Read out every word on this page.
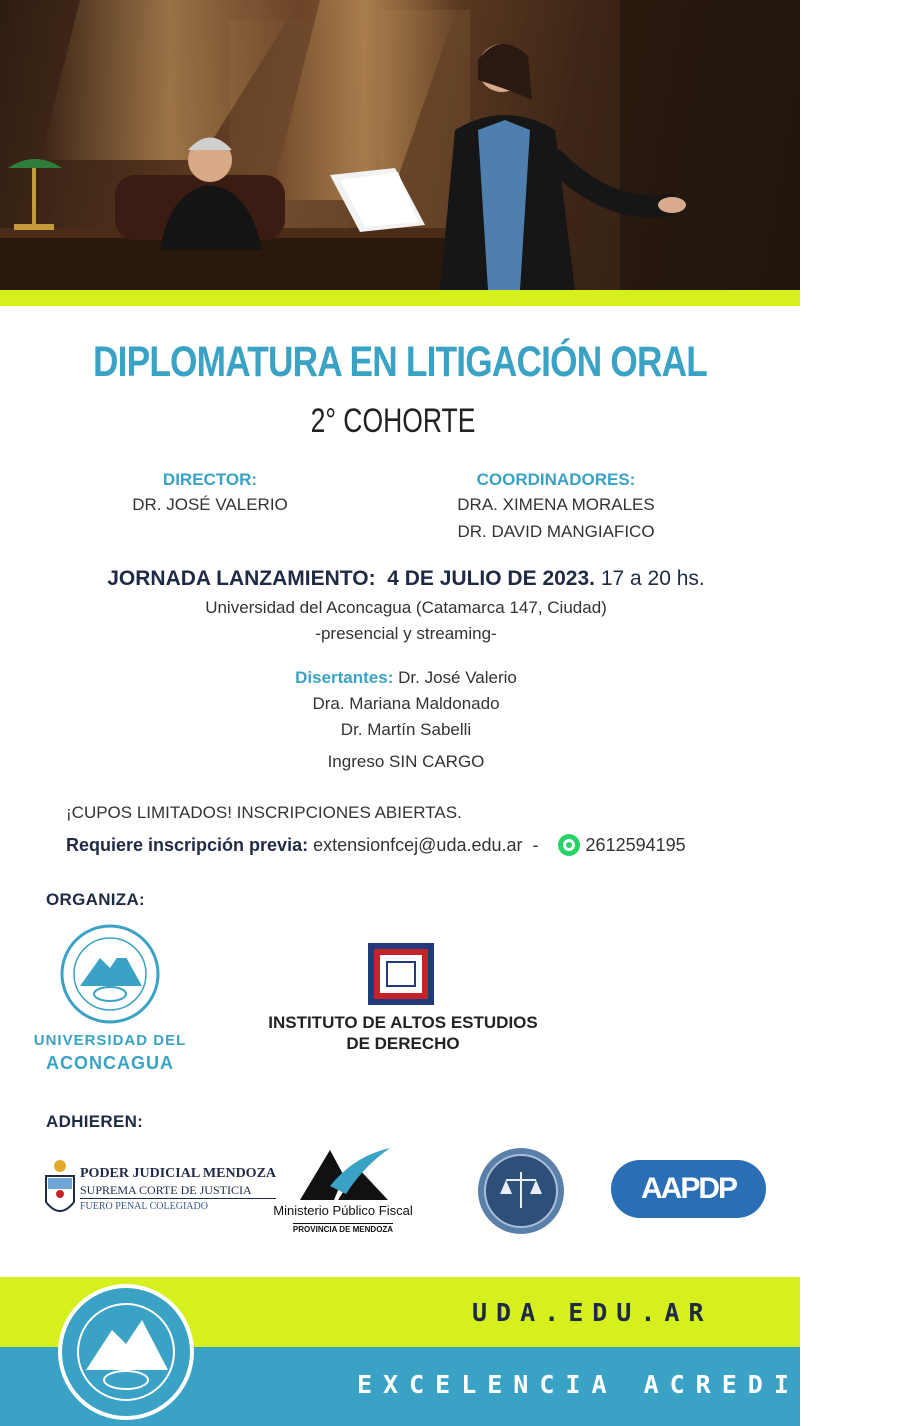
DIPLOMATURA EN LITIGACIÓN ORAL
2° COHORTE
DIRECTOR:
DR. JOSÉ VALERIO
COORDINADORES:
DRA. XIMENA MORALES
DR. DAVID MANGIAFICO
JORNADA LANZAMIENTO: 4 DE JULIO DE 2023. 17 a 20 hs.
Universidad del Aconcagua (Catamarca 147, Ciudad)
-presencial y streaming-
Disertantes: Dr. José Valerio
Dra. Mariana Maldonado
Dr. Martín Sabelli
Ingreso SIN CARGO
¡CUPOS LIMITADOS! INSCRIPCIONES ABIERTAS.
Requiere inscripción previa: extensionfcej@uda.edu.ar -	2612594195
ORGANIZA:
UNIVERSIDAD DEL
ACONCAGUA
INSTITUTO DE ALTOS ESTUDIOS
DE DERECHO
ADHIEREN:
PODER JUDICIAL MENDOZA
SUPREMA CORTE DE JUSTICIA
FUERO PENAL COLEGIADO	Ministerio Público Fiscal
PROVINCIA DE MENDOZA
AAPDP
UDA.EDU.AR
EXCELENCIA ACREDITADA
